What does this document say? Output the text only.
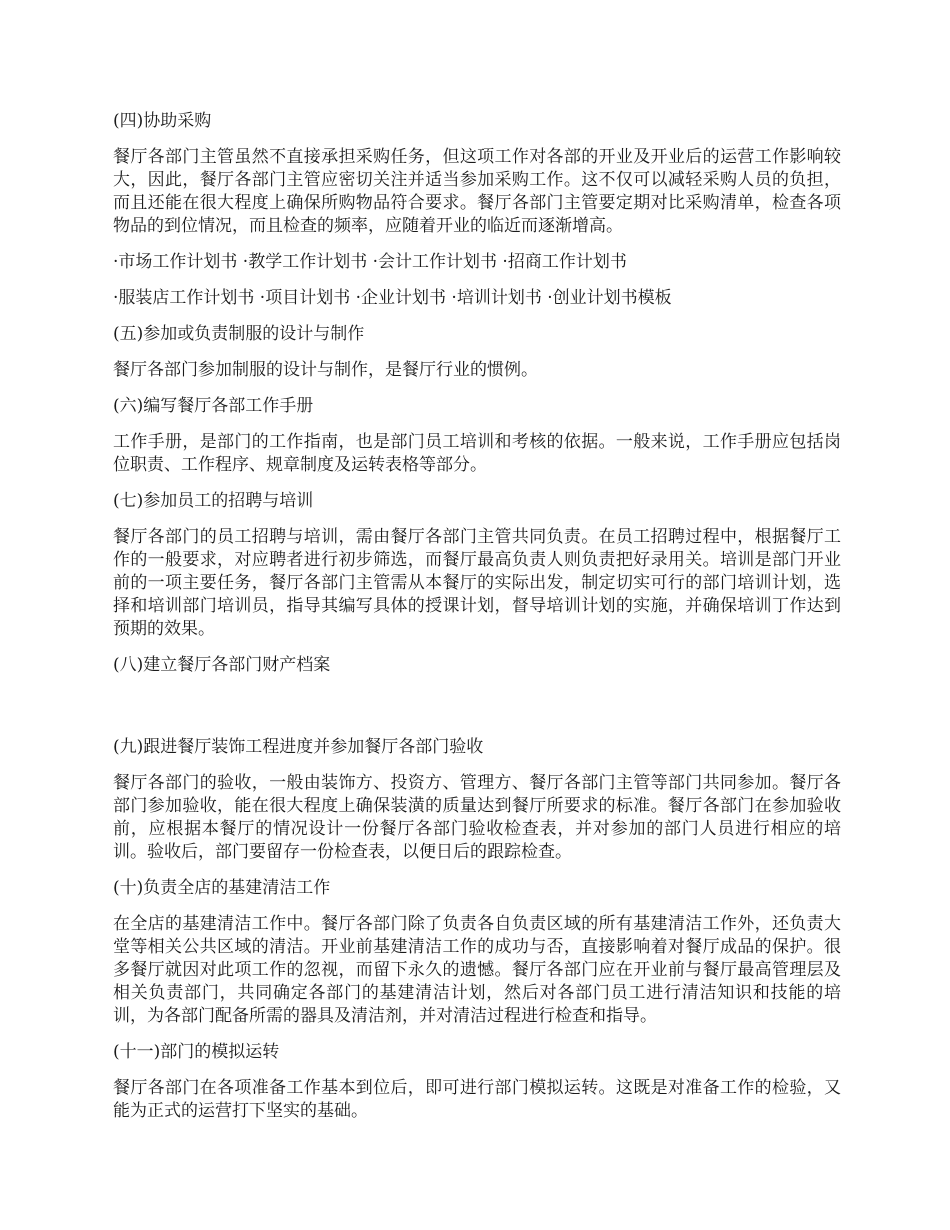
(四)协助采购

餐厅各部门主管虽然不直接承担采购任务，但这项工作对各部的开业及开业后的运营工作影响较大，因此，餐厅各部门主管应密切关注并适当参加采购工作。这不仅可以减轻采购人员的负担，而且还能在很大程度上确保所购物品符合要求。餐厅各部门主管要定期对比采购清单，检查各项物品的到位情况，而且检查的频率，应随着开业的临近而逐渐增高。

·市场工作计划书 ·教学工作计划书 ·会计工作计划书 ·招商工作计划书

·服装店工作计划书 ·项目计划书 ·企业计划书 ·培训计划书 ·创业计划书模板

(五)参加或负责制服的设计与制作

餐厅各部门参加制服的设计与制作，是餐厅行业的惯例。

(六)编写餐厅各部工作手册

工作手册，是部门的工作指南，也是部门员工培训和考核的依据。一般来说，工作手册应包括岗位职责、工作程序、规章制度及运转表格等部分。

(七)参加员工的招聘与培训

餐厅各部门的员工招聘与培训，需由餐厅各部门主管共同负责。在员工招聘过程中，根据餐厅工作的一般要求，对应聘者进行初步筛选，而餐厅最高负责人则负责把好录用关。培训是部门开业前的一项主要任务，餐厅各部门主管需从本餐厅的实际出发，制定切实可行的部门培训计划，选择和培训部门培训员，指导其编写具体的授课计划，督导培训计划的实施，并确保培训丁作达到预期的效果。

(八)建立餐厅各部门财产档案

(九)跟进餐厅装饰工程进度并参加餐厅各部门验收

餐厅各部门的验收，一般由装饰方、投资方、管理方、餐厅各部门主管等部门共同参加。餐厅各部门参加验收，能在很大程度上确保装潢的质量达到餐厅所要求的标准。餐厅各部门在参加验收前，应根据本餐厅的情况设计一份餐厅各部门验收检查表，并对参加的部门人员进行相应的培训。验收后，部门要留存一份检查表，以便日后的跟踪检查。

(十)负责全店的基建清洁工作

在全店的基建清洁工作中。餐厅各部门除了负责各自负责区域的所有基建清洁工作外，还负责大堂等相关公共区域的清洁。开业前基建清洁工作的成功与否，直接影响着对餐厅成品的保护。很多餐厅就因对此项工作的忽视，而留下永久的遗憾。餐厅各部门应在开业前与餐厅最高管理层及相关负责部门，共同确定各部门的基建清洁计划，然后对各部门员工进行清洁知识和技能的培训，为各部门配备所需的器具及清洁剂，并对清洁过程进行检查和指导。

(十一)部门的模拟运转

餐厅各部门在各项准备工作基本到位后，即可进行部门模拟运转。这既是对准备工作的检验，又能为正式的运营打下坚实的基础。
